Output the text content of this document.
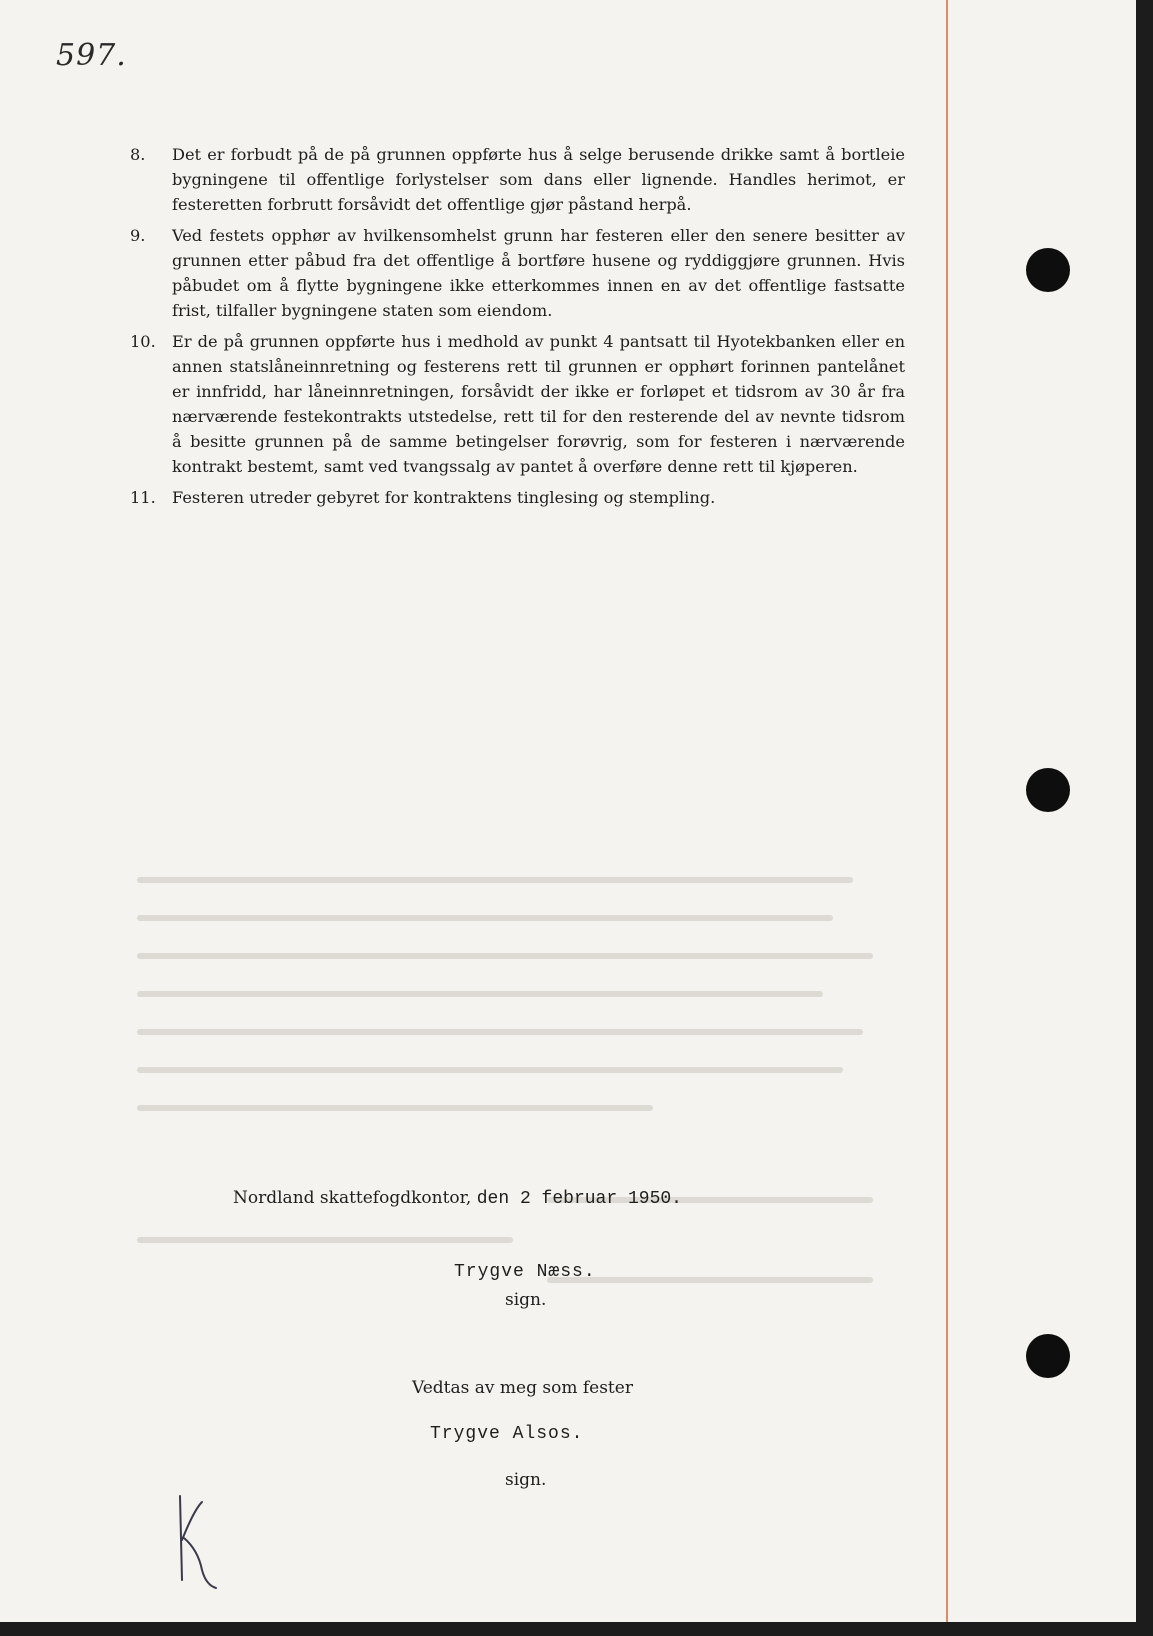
597.
8.	Det er forbudt på de på grunnen oppførte hus å selge berusende drikke samt å bortleie bygningene til offentlige forlystelser som dans eller lignende. Handles herimot, er festeretten forbrutt forsåvidt det offentlige gjør påstand herpå.
9.	Ved festets opphør av hvilkensomhelst grunn har festeren eller den senere besitter av grunnen etter påbud fra det offentlige å bortføre husene og ryddiggjøre grunnen. Hvis påbudet om å flytte bygningene ikke etterkommes innen en av det offentlige fastsatte frist, tilfaller bygningene staten som eiendom.
10.	Er de på grunnen oppførte hus i medhold av punkt 4 pantsatt til Hyotekbanken eller en annen statslåneinnretning og festerens rett til grunnen er opphørt forinnen pantelånet er innfridd, har låneinnretningen, forsåvidt der ikke er forløpet et tidsrom av 30 år fra nærværende festekontrakts utstedelse, rett til for den resterende del av nevnte tidsrom å besitte grunnen på de samme betingelser forøvrig, som for festeren i nærværende kontrakt bestemt, samt ved tvangssalg av pantet å overføre denne rett til kjøperen.
11.	Festeren utreder gebyret for kontraktens tinglesing og stempling.
Nordland skattefogdkontor, den 2 februar 1950.
Trygve Næss.
sign.
Vedtas av meg som fester
Trygve Alsos.
sign.
